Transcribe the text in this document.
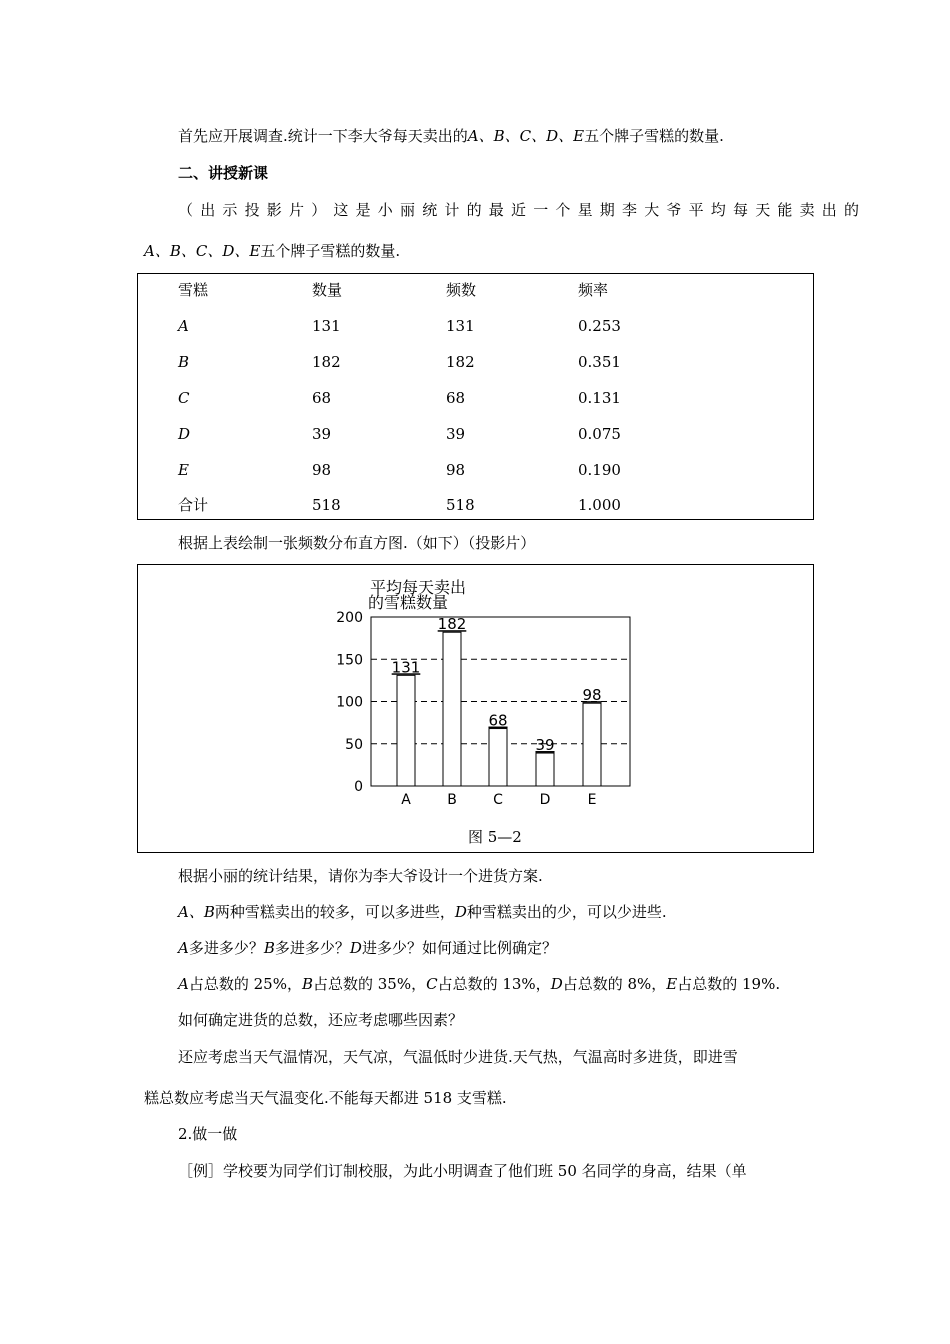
首先应开展调查.统计一下李大爷每天卖出的A、B、C、D、E五个牌子雪糕的数量.
二、讲授新课
（出示投影片）这是小丽统计的最近一个星期李大爷平均每天能卖出的
A、B、C、D、E五个牌子雪糕的数量.
雪糕	数量	频数	频率
A	131	131	0.253
B	182	182	0.351
C	68	68	0.131
D	39	39	0.075
E	98	98	0.190
合计	518	518	1.000
根据上表绘制一张频数分布直方图.（如下）（投影片）
平均每天卖出
的雪糕数量
0
50
100
150
200
131
182
68
39
98
A	B	C	D	E
图 5—2
根据小丽的统计结果，请你为李大爷设计一个进货方案.
A、B两种雪糕卖出的较多，可以多进些，D种雪糕卖出的少，可以少进些.
A多进多少？B多进多少？D进多少？如何通过比例确定？
A占总数的 25%，B占总数的 35%，C占总数的 13%，D占总数的 8%，E占总数的 19%.
如何确定进货的总数，还应考虑哪些因素？
还应考虑当天气温情况，天气凉，气温低时少进货.天气热，气温高时多进货，即进雪
糕总数应考虑当天气温变化.不能每天都进 518 支雪糕.
2.做一做
［例］学校要为同学们订制校服，为此小明调查了他们班 50 名同学的身高，结果（单
